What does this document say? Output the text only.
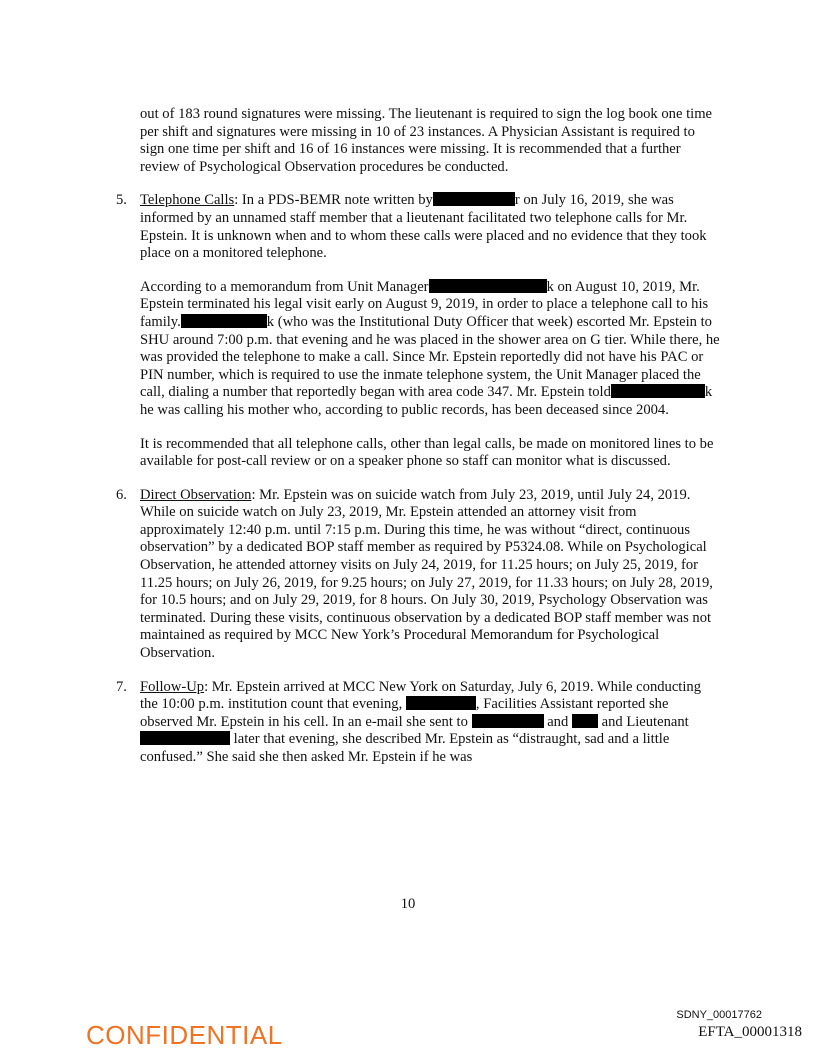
out of 183 round signatures were missing. The lieutenant is required to sign the log book one time per shift and signatures were missing in 10 of 23 instances. A Physician Assistant is required to sign one time per shift and 16 of 16 instances were missing. It is recommended that a further review of Psychological Observation procedures be conducted.

5. Telephone Calls: In a PDS-BEMR note written by	r on July 16, 2019, she was informed by an unnamed staff member that a lieutenant facilitated two telephone calls for Mr. Epstein. It is unknown when and to whom these calls were placed and no evidence that they took place on a monitored telephone.

According to a memorandum from Unit Manager	k on August 10, 2019, Mr. Epstein terminated his legal visit early on August 9, 2019, in order to place a telephone call to his family.	k (who was the Institutional Duty Officer that week) escorted Mr. Epstein to SHU around 7:00 p.m. that evening and he was placed in the shower area on G tier. While there, he was provided the telephone to make a call. Since Mr. Epstein reportedly did not have his PAC or PIN number, which is required to use the inmate telephone system, the Unit Manager placed the call, dialing a number that reportedly began with area code 347. Mr. Epstein told	k he was calling his mother who, according to public records, has been deceased since 2004.

It is recommended that all telephone calls, other than legal calls, be made on monitored lines to be available for post-call review or on a speaker phone so staff can monitor what is discussed.

6. Direct Observation: Mr. Epstein was on suicide watch from July 23, 2019, until July 24, 2019. While on suicide watch on July 23, 2019, Mr. Epstein attended an attorney visit from approximately 12:40 p.m. until 7:15 p.m. During this time, he was without “direct, continuous observation” by a dedicated BOP staff member as required by P5324.08. While on Psychological Observation, he attended attorney visits on July 24, 2019, for 11.25 hours; on July 25, 2019, for 11.25 hours; on July 26, 2019, for 9.25 hours; on July 27, 2019, for 11.33 hours; on July 28, 2019, for 10.5 hours; and on July 29, 2019, for 8 hours. On July 30, 2019, Psychology Observation was terminated. During these visits, continuous observation by a dedicated BOP staff member was not maintained as required by MCC New York’s Procedural Memorandum for Psychological Observation.

7. Follow-Up: Mr. Epstein arrived at MCC New York on Saturday, July 6, 2019. While conducting the 10:00 p.m. institution count that evening,	, Facilities Assistant reported she observed Mr. Epstein in his cell. In an e-mail she sent to	and and Lieutenant  later that evening, she described Mr. Epstein as “distraught, sad and a little confused.” She said she then asked Mr. Epstein if he was

10
SDNY_00017762
EFTA_00001318
CONFIDENTIAL
